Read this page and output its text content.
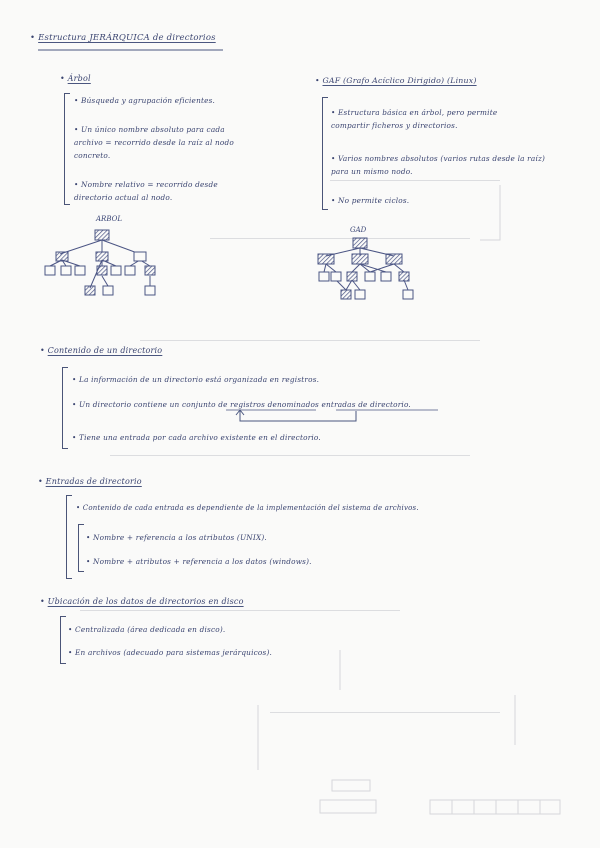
• Estructura JERÁRQUICA de directorios
• Árbol
• Búsqueda y agrupación eficientes.
• Un único nombre absoluto para cada archivo = recorrido desde la raíz al nodo concreto.
• Nombre relativo = recorrido desde directorio actual al nodo.
ARBOL
• GAF (Grafo Acíclico Dirigido) (Linux)
• Estructura básica en árbol, pero permite compartir ficheros y directorios.
• Varios nombres absolutos (varios rutas desde la raíz) para un mismo nodo.
• No permite ciclos.
GAD
• Contenido de un directorio
• La información de un directorio está organizada en registros.
• Un directorio contiene un conjunto de registros denominados entradas de directorio.
• Tiene una entrada por cada archivo existente en el directorio.
• Entradas de directorio
• Contenido de cada entrada es dependiente de la implementación del sistema de archivos.
• Nombre + referencia a los atributos (UNIX).
• Nombre + atributos + referencia a los datos (windows).
• Ubicación de los datos de directorios en disco
• Centralizada (área dedicada en disco).
• En archivos (adecuado para sistemas jerárquicos).
